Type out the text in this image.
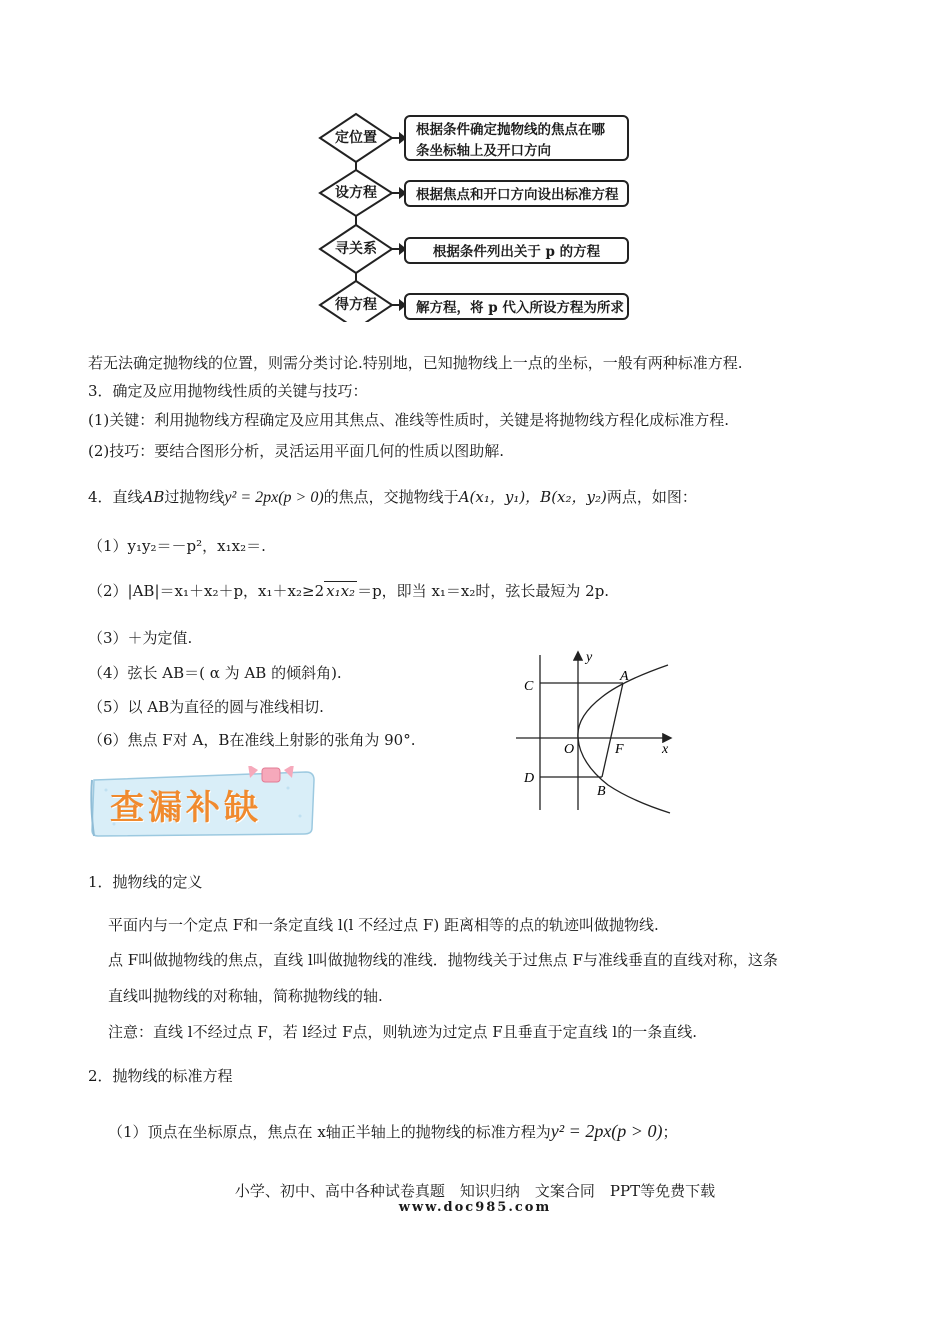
定位置
设方程
寻关系
得方程
根据条件确定抛物线的焦点在哪条坐标轴上及开口方向
根据焦点和开口方向设出标准方程
根据条件列出关于 p 的方程
解方程，将 p 代入所设方程为所求
若无法确定抛物线的位置，则需分类讨论.特别地，已知抛物线上一点的坐标，一般有两种标准方程.
3．确定及应用抛物线性质的关键与技巧：
(1)关键：利用抛物线方程确定及应用其焦点、准线等性质时，关键是将抛物线方程化成标准方程.
(2)技巧：要结合图形分析，灵活运用平面几何的性质以图助解.
4．直线AB过抛物线y² = 2px(p > 0)的焦点，交抛物线于A(x₁，y₁)，B(x₂，y₂)两点，如图：
（1）y₁y₂＝－p²，x₁x₂＝.
（2）|AB|＝x₁＋x₂＋p，x₁＋x₂≥2 x₁x₂ ＝p，即当 x₁＝x₂时，弦长最短为 2p.
（3）＋为定值.
（4）弦长 AB＝( α 为 AB 的倾斜角).
（5）以 AB为直径的圆与准线相切.
（6）焦点 F对 A，B在准线上射影的张角为 90°.
y
x
O
A
B
C
D
F
查漏补缺
1．抛物线的定义
平面内与一个定点 F和一条定直线 l(l 不经过点 F) 距离相等的点的轨迹叫做抛物线.
点 F叫做抛物线的焦点，直线 l叫做抛物线的准线．抛物线关于过焦点 F与准线垂直的直线对称，这条
直线叫抛物线的对称轴，简称抛物线的轴.
注意：直线 l不经过点 F，若 l经过 F点，则轨迹为过定点 F且垂直于定直线 l的一条直线.
2．抛物线的标准方程
（1）顶点在坐标原点，焦点在 x轴正半轴上的抛物线的标准方程为y² = 2px(p > 0)；
小学、初中、高中各种试卷真题　知识归纳　文案合同　PPT等免费下载
www.doc985.com
